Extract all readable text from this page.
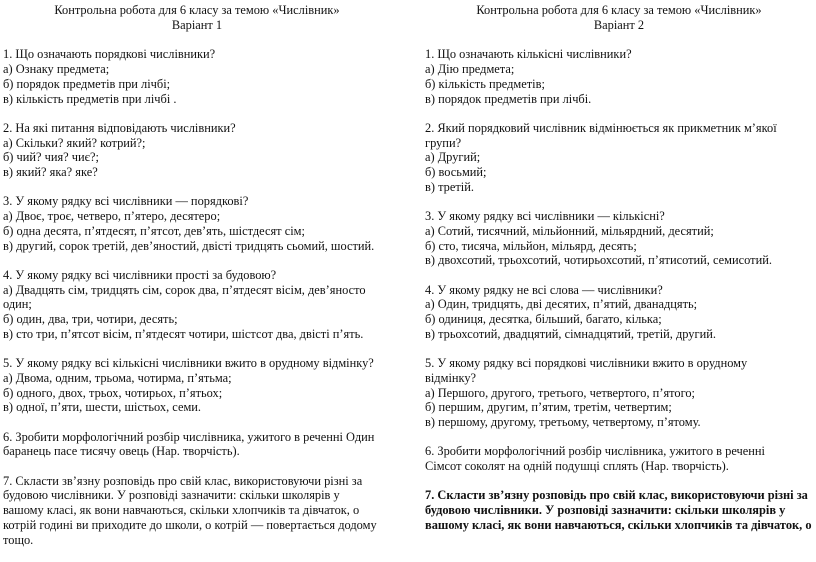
Контрольна робота для 6 класу за темою «Числівник»
Варіант 1
1. Що означають порядкові числівники?
а) Ознаку предмета;
б) порядок предметів при лічбі;
в) кількість предметів при лічбі .
2. На які питання відповідають числівники?
а) Скільки? який? котрий?;
б) чий? чия? чиє?;
в) який? яка? яке?
3. У якому рядку всі числівники — порядкові?
а) Двоє, троє, четверо, п’ятеро, десятеро;
б) одна десята, п’ятдесят, п’ятсот, дев’ять, шістдесят сім;
в) другий, сорок третій, дев’яностий, двісті тридцять сьомий, шостий.
4. У якому рядку всі числівники прості за будовою?
а) Двадцять сім, тридцять сім, сорок два, п’ятдесят вісім, дев’яносто
один;
б) один, два, три, чотири, десять;
в) сто три, п’ятсот вісім, п’ятдесят чотири, шістсот два, двісті п’ять.
5. У якому рядку всі кількісні числівники вжито в орудному відмінку?
а) Двома, одним, трьома, чотирма, п’ятьма;
б) одного, двох, трьох, чотирьох, п’ятьох;
в) одної, п’яти, шести, шістьох, семи.
6. Зробити морфологічний розбір числівника, ужитого в реченні Один
баранець пасе тисячу овець (Нар. творчість).
7. Скласти зв’язну розповідь про свій клас, використовуючи різні за
будовою числівники. У розповіді зазначити: скільки школярів у
вашому класі, як вони навчаються, скільки хлопчиків та дівчаток, о
котрій годині ви приходите до школи, о котрій — повертається додому
тощо.
Контрольна робота для 6 класу за темою «Числівник»
Варіант 2
1. Що означають кількісні числівники?
а) Дію предмета;
б) кількість предметів;
в) порядок предметів при лічбі.
2. Який порядковий числівник відмінюється як прикметник м’якої
групи?
а) Другий;
б) восьмий;
в) третій.
3. У якому рядку всі числівники — кількісні?
а) Сотий, тисячний, мільйонний, мільярдний, десятий;
б) сто, тисяча, мільйон, мільярд, десять;
в) двохсотий, трьохсотий, чотирьохсотий, п’ятисотий, семисотий.
4. У якому рядку не всі слова — числівники?
а) Один, тридцять, дві десятих, п’ятий, дванадцять;
б) одиниця, десятка, більший, багато, кілька;
в) трьохсотий, двадцятий, сімнадцятий, третій, другий.
5. У якому рядку всі порядкові числівники вжито в орудному
відмінку?
а) Першого, другого, третього, четвертого, п’ятого;
б) першим, другим, п’ятим, третім, четвертим;
в) першому, другому, третьому, четвертому, п’ятому.
6. Зробити морфологічний розбір числівника, ужитого в реченні
Сімсот соколят на одній подушці сплять (Нар. творчість).
7. Скласти зв’язну розповідь про свій клас, використовуючи різні за
будовою числівники. У розповіді зазначити: скільки школярів у
вашому класі, як вони навчаються, скільки хлопчиків та дівчаток, о
